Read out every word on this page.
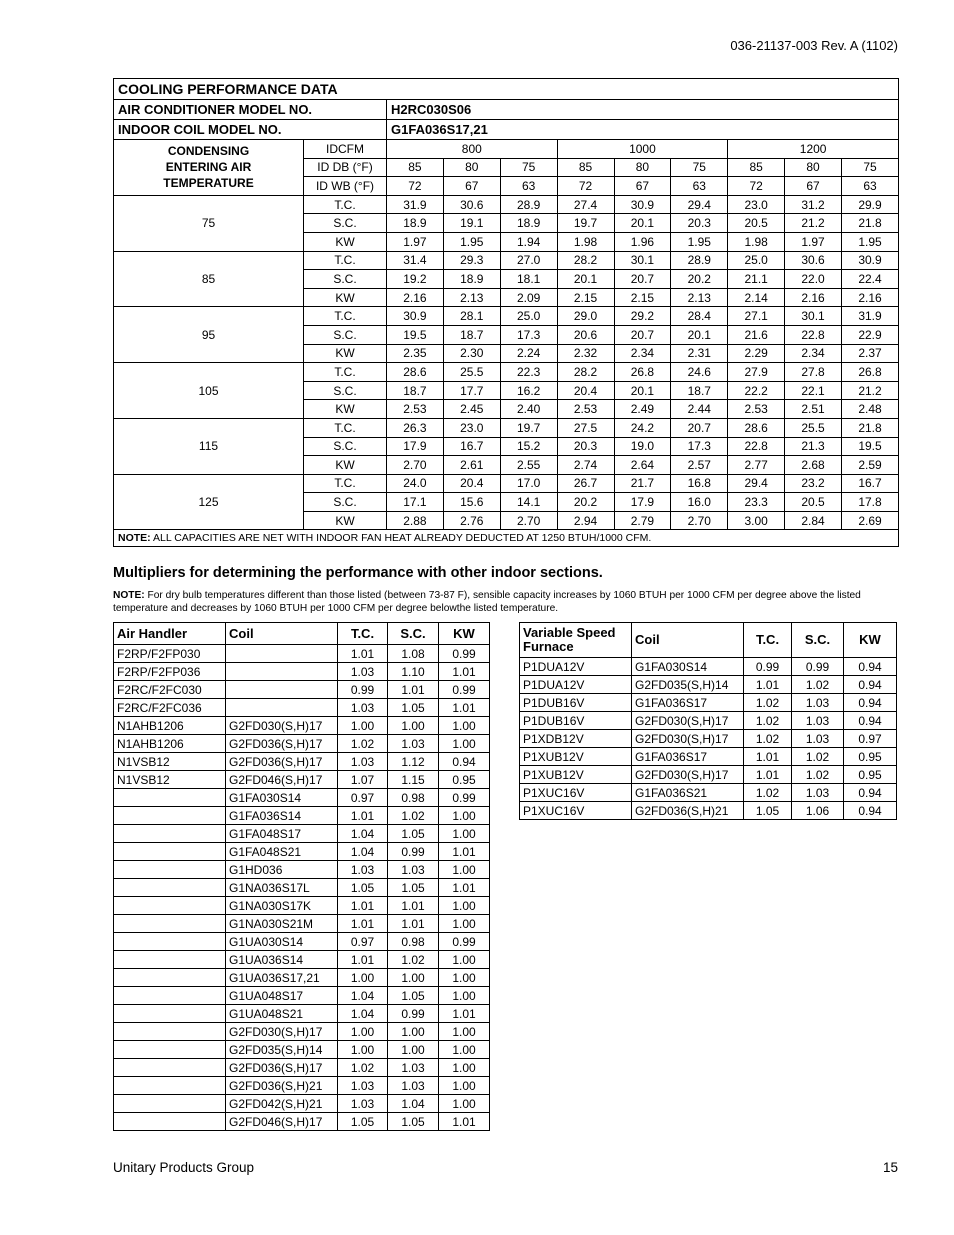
036-21137-003 Rev. A (1102)
COOLING PERFORMANCE DATA										
AIR CONDITIONER MODEL NO.		H2RC030S06								
INDOOR COIL MODEL NO.		G1FA036S17,21								

CONDENSING
ENTERING AIR
TEMPERATURE	IDCFM	800			1000			1200		
	ID DB (°F)	85	80	75	85	80	75	85	80	75
	ID WB (°F)	72	67	63	72	67	63	72	67	63
75	T.C.	31.9	30.6	28.9	27.4	30.9	29.4	23.0	31.2	29.9
	S.C.	18.9	19.1	18.9	19.7	20.1	20.3	20.5	21.2	21.8
	KW	1.97	1.95	1.94	1.98	1.96	1.95	1.98	1.97	1.95
85	T.C.	31.4	29.3	27.0	28.2	30.1	28.9	25.0	30.6	30.9
	S.C.	19.2	18.9	18.1	20.1	20.7	20.2	21.1	22.0	22.4
	KW	2.16	2.13	2.09	2.15	2.15	2.13	2.14	2.16	2.16
95	T.C.	30.9	28.1	25.0	29.0	29.2	28.4	27.1	30.1	31.9
	S.C.	19.5	18.7	17.3	20.6	20.7	20.1	21.6	22.8	22.9
	KW	2.35	2.30	2.24	2.32	2.34	2.31	2.29	2.34	2.37
105	T.C.	28.6	25.5	22.3	28.2	26.8	24.6	27.9	27.8	26.8
	S.C.	18.7	17.7	16.2	20.4	20.1	18.7	22.2	22.1	21.2
	KW	2.53	2.45	2.40	2.53	2.49	2.44	2.53	2.51	2.48
115	T.C.	26.3	23.0	19.7	27.5	24.2	20.7	28.6	25.5	21.8
	S.C.	17.9	16.7	15.2	20.3	19.0	17.3	22.8	21.3	19.5
	KW	2.70	2.61	2.55	2.74	2.64	2.57	2.77	2.68	2.59
125	T.C.	24.0	20.4	17.0	26.7	21.7	16.8	29.4	23.2	16.7
	S.C.	17.1	15.6	14.1	20.2	17.9	16.0	23.3	20.5	17.8
	KW	2.88	2.76	2.70	2.94	2.79	2.70	3.00	2.84	2.69
NOTE: ALL CAPACITIES ARE NET WITH INDOOR FAN HEAT ALREADY DEDUCTED AT 1250 BTUH/1000 CFM.										
Multipliers for determining the performance with other indoor sections.
NOTE: For dry bulb temperatures different than those listed (between 73-87 F), sensible capacity increases by 1060 BTUH per 1000 CFM per degree above the listed temperature and decreases by 1060 BTUH per 1000 CFM per degree belowthe listed temperature.
Air Handler	Coil	T.C.	S.C.	KW
F2RP/F2FP030		1.01	1.08	0.99
F2RP/F2FP036		1.03	1.10	1.01
F2RC/F2FC030		0.99	1.01	0.99
F2RC/F2FC036		1.03	1.05	1.01
N1AHB1206	G2FD030(S,H)17	1.00	1.00	1.00
N1AHB1206	G2FD036(S,H)17	1.02	1.03	1.00
N1VSB12	G2FD036(S,H)17	1.03	1.12	0.94
N1VSB12	G2FD046(S,H)17	1.07	1.15	0.95
	G1FA030S14	0.97	0.98	0.99
	G1FA036S14	1.01	1.02	1.00
	G1FA048S17	1.04	1.05	1.00
	G1FA048S21	1.04	0.99	1.01
	G1HD036	1.03	1.03	1.00
	G1NA036S17L	1.05	1.05	1.01
	G1NA030S17K	1.01	1.01	1.00
	G1NA030S21M	1.01	1.01	1.00
	G1UA030S14	0.97	0.98	0.99
	G1UA036S14	1.01	1.02	1.00
	G1UA036S17,21	1.00	1.00	1.00
	G1UA048S17	1.04	1.05	1.00
	G1UA048S21	1.04	0.99	1.01
	G2FD030(S,H)17	1.00	1.00	1.00
	G2FD035(S,H)14	1.00	1.00	1.00
	G2FD036(S,H)17	1.02	1.03	1.00
	G2FD036(S,H)21	1.03	1.03	1.00
	G2FD042(S,H)21	1.03	1.04	1.00
	G2FD046(S,H)17	1.05	1.05	1.01
Variable Speed Furnace	Coil	T.C.	S.C.	KW
P1DUA12V	G1FA030S14	0.99	0.99	0.94
P1DUA12V	G2FD035(S,H)14	1.01	1.02	0.94
P1DUB16V	G1FA036S17	1.02	1.03	0.94
P1DUB16V	G2FD030(S,H)17	1.02	1.03	0.94
P1XDB12V	G2FD030(S,H)17	1.02	1.03	0.97
P1XUB12V	G1FA036S17	1.01	1.02	0.95
P1XUB12V	G2FD030(S,H)17	1.01	1.02	0.95
P1XUC16V	G1FA036S21	1.02	1.03	0.94
P1XUC16V	G2FD036(S,H)21	1.05	1.06	0.94
Unitary Products Group	15
